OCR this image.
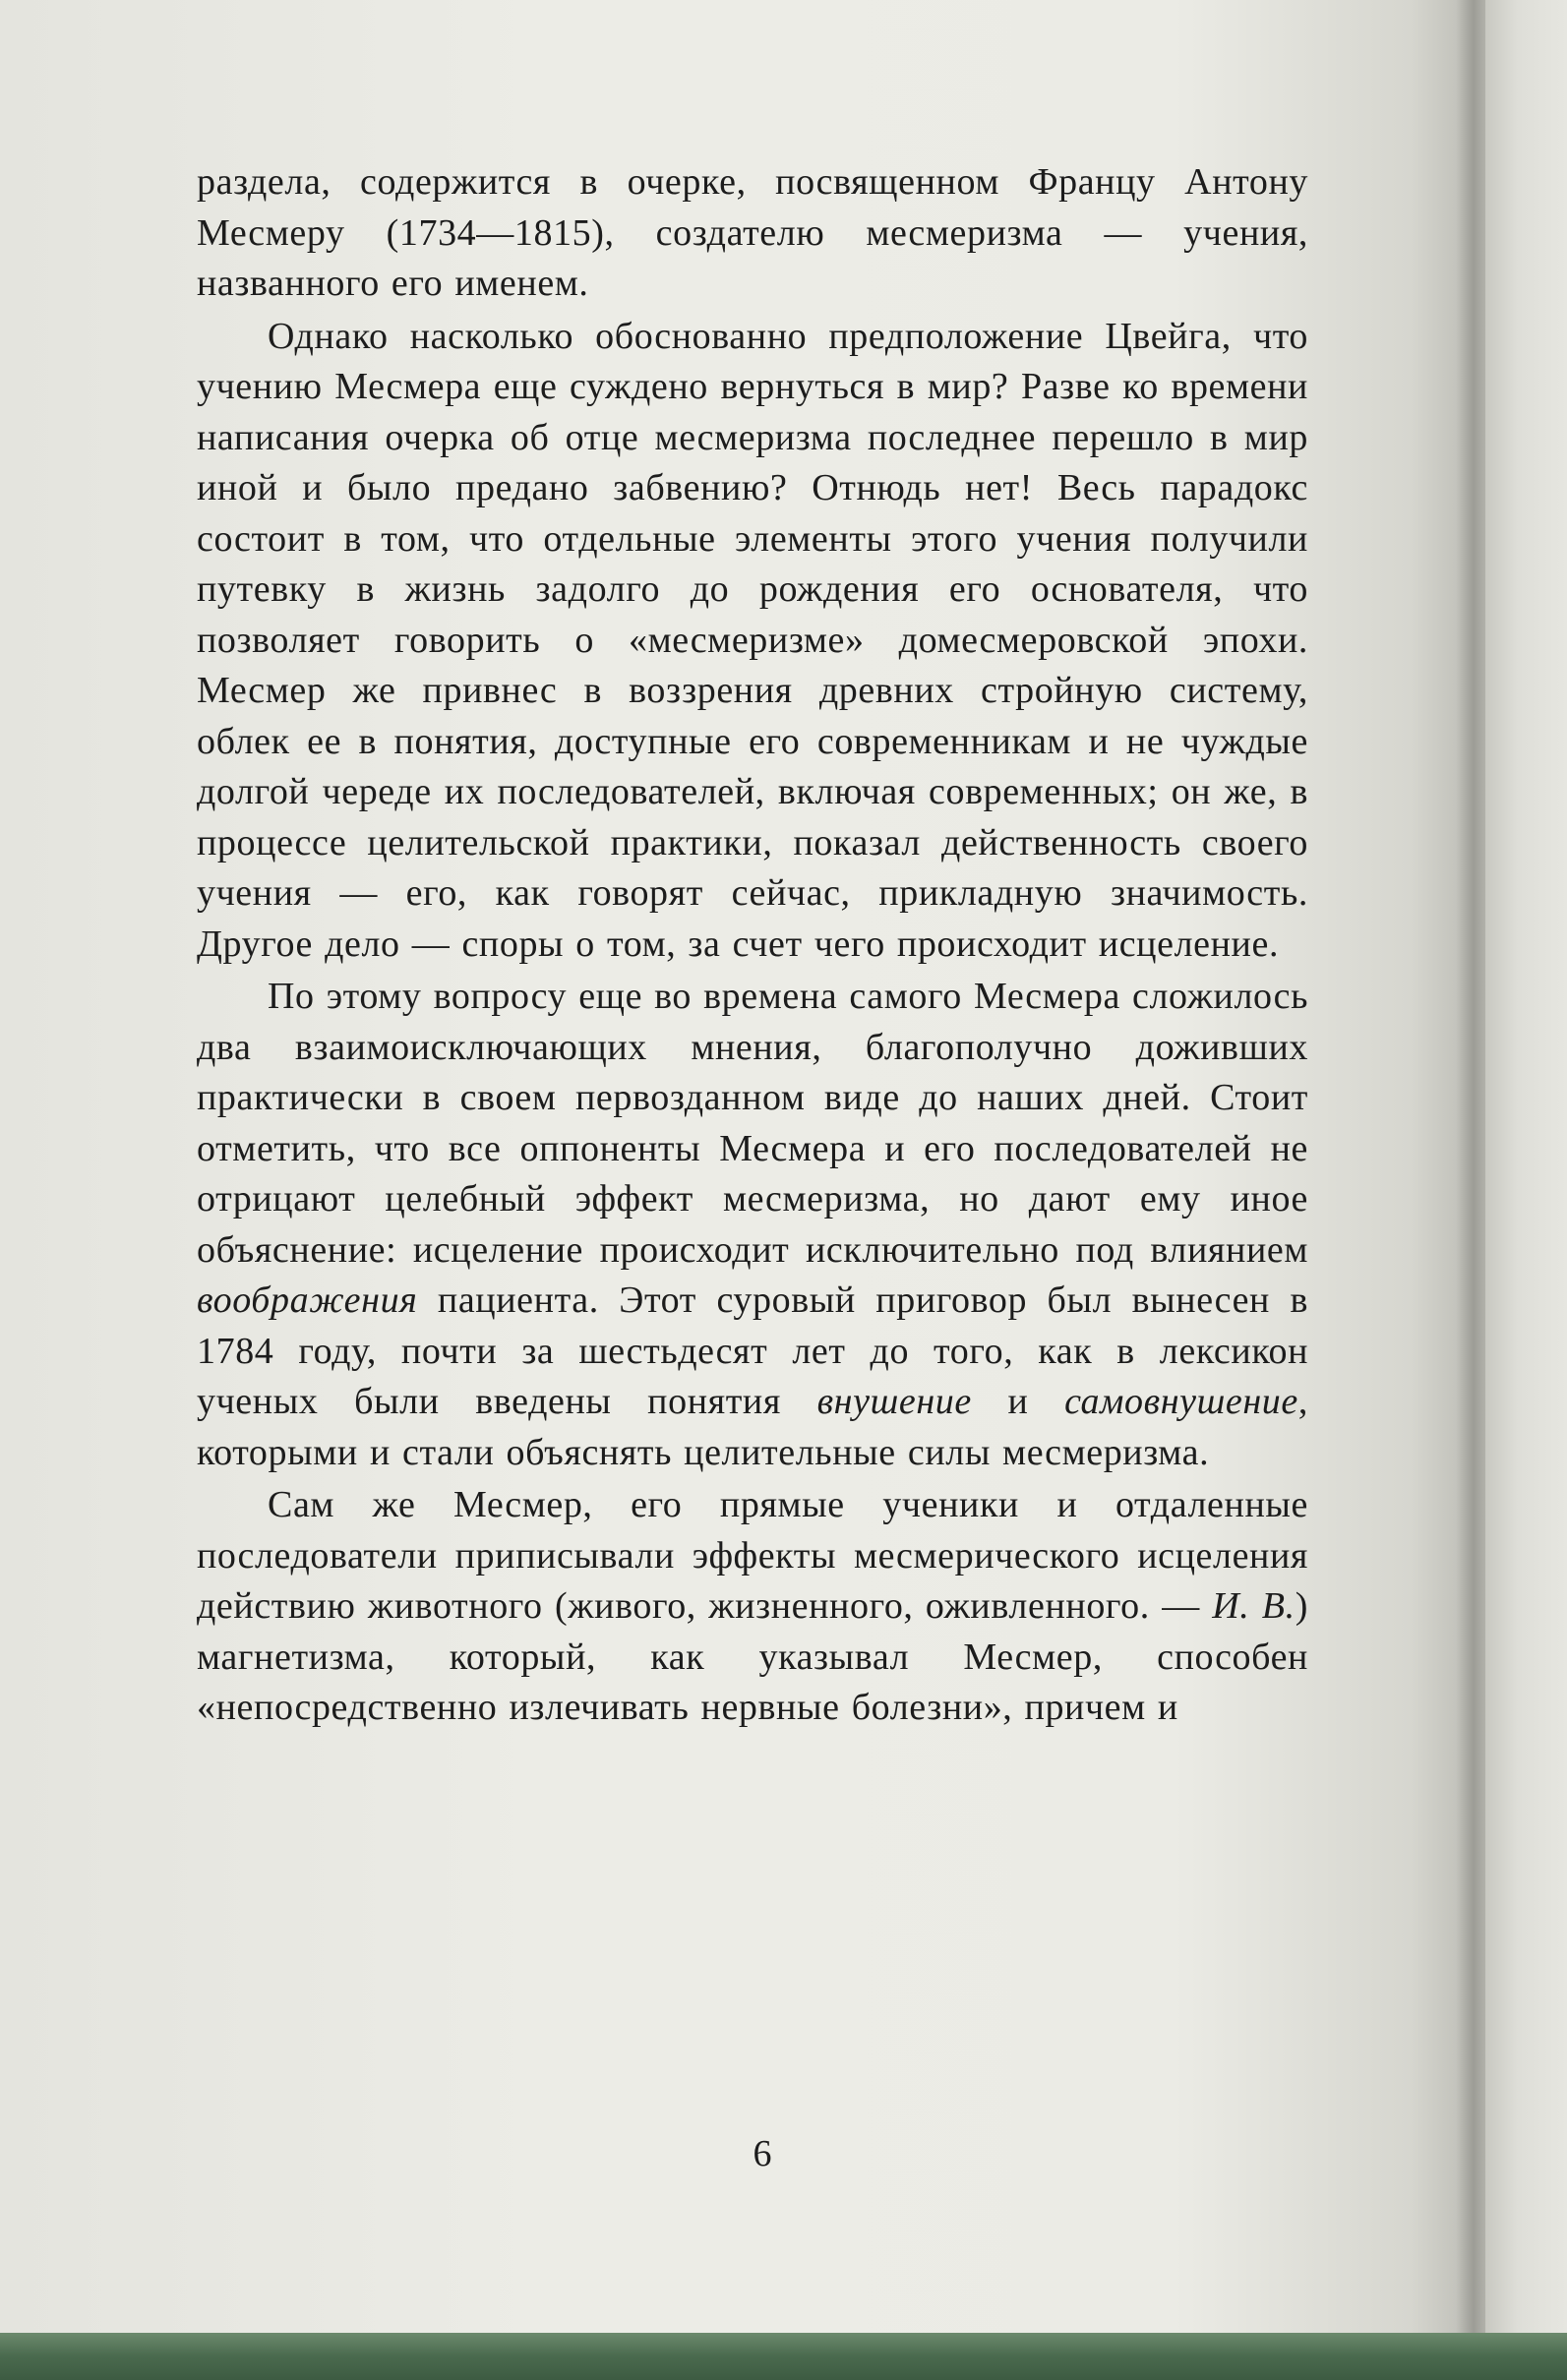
раздела, содержится в очерке, посвященном Францу Антону Месмеру (1734—1815), создателю месмеризма — учения, названного его именем.

Однако насколько обоснованно предположение Цвейга, что учению Месмера еще суждено вернуться в мир? Разве ко времени написания очерка об отце месмеризма последнее перешло в мир иной и было предано забвению? Отнюдь нет! Весь парадокс состоит в том, что отдельные элементы этого учения получили путевку в жизнь задолго до рождения его основателя, что позволяет говорить о «месмеризме» домесмеровской эпохи. Месмер же привнес в воззрения древних стройную систему, облек ее в понятия, доступные его современникам и не чуждые долгой череде их последователей, включая современных; он же, в процессе целительской практики, показал действенность своего учения — его, как говорят сейчас, прикладную значимость. Другое дело — споры о том, за счет чего происходит исцеление.

По этому вопросу еще во времена самого Месмера сложилось два взаимоисключающих мнения, благополучно доживших практически в своем первозданном виде до наших дней. Стоит отметить, что все оппоненты Месмера и его последователей не отрицают целебный эффект месмеризма, но дают ему иное объяснение: исцеление происходит исключительно под влиянием воображения пациента. Этот суровый приговор был вынесен в 1784 году, почти за шестьдесят лет до того, как в лексикон ученых были введены понятия внушение и самовнушение, которыми и стали объяснять целительные силы месмеризма.

Сам же Месмер, его прямые ученики и отдаленные последователи приписывали эффекты месмерического исцеления действию животного (живого, жизненного, оживленного. — И. В.) магнетизма, который, как указывал Месмер, способен «непосредственно излечивать нервные болезни», причем и

6
